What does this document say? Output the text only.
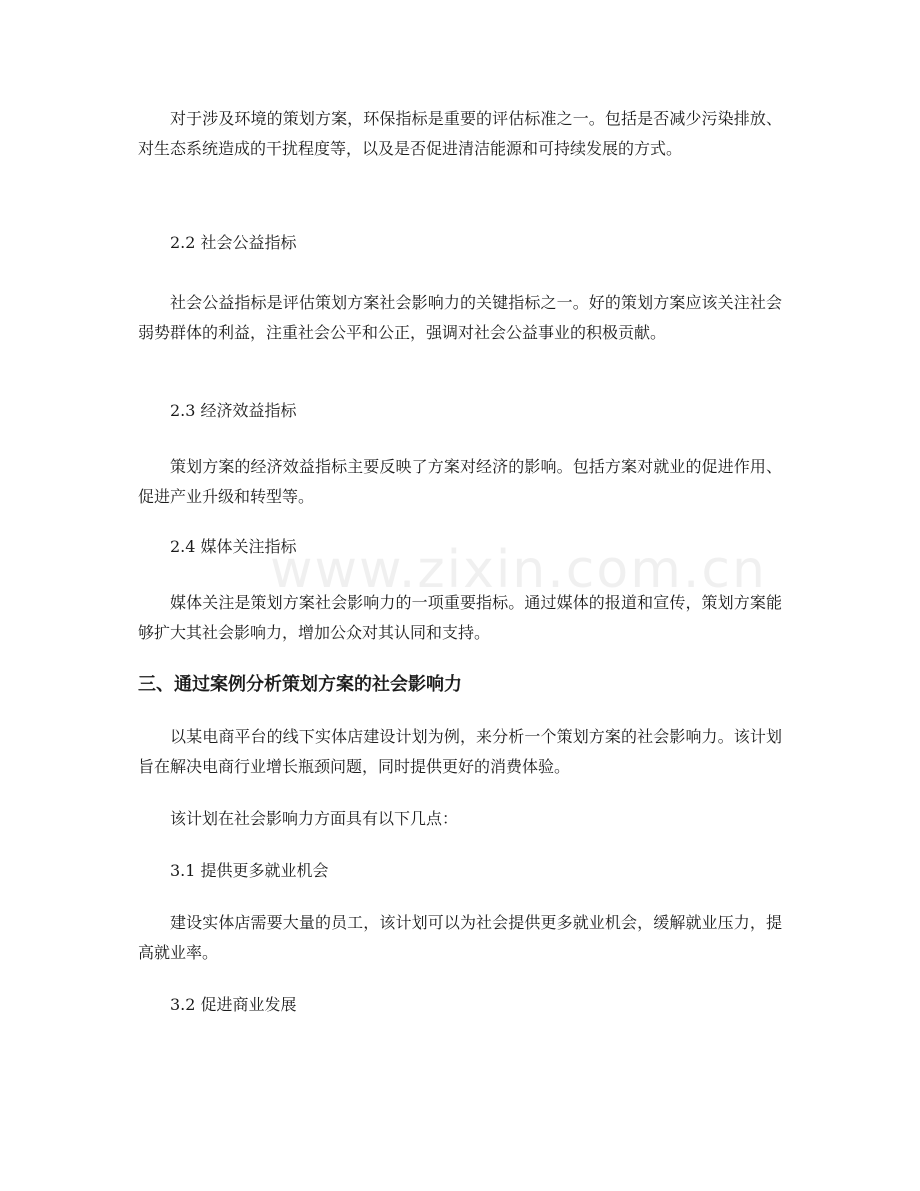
对于涉及环境的策划方案，环保指标是重要的评估标准之一。包括是否减少污染排放、对生态系统造成的干扰程度等，以及是否促进清洁能源和可持续发展的方式。

2.2 社会公益指标

社会公益指标是评估策划方案社会影响力的关键指标之一。好的策划方案应该关注社会弱势群体的利益，注重社会公平和公正，强调对社会公益事业的积极贡献。

2.3 经济效益指标

策划方案的经济效益指标主要反映了方案对经济的影响。包括方案对就业的促进作用、促进产业升级和转型等。

2.4 媒体关注指标

媒体关注是策划方案社会影响力的一项重要指标。通过媒体的报道和宣传，策划方案能够扩大其社会影响力，增加公众对其认同和支持。

三、通过案例分析策划方案的社会影响力

以某电商平台的线下实体店建设计划为例，来分析一个策划方案的社会影响力。该计划旨在解决电商行业增长瓶颈问题，同时提供更好的消费体验。

该计划在社会影响力方面具有以下几点：

3.1 提供更多就业机会

建设实体店需要大量的员工，该计划可以为社会提供更多就业机会，缓解就业压力，提高就业率。

3.2 促进商业发展

www.zixin.com.cn
